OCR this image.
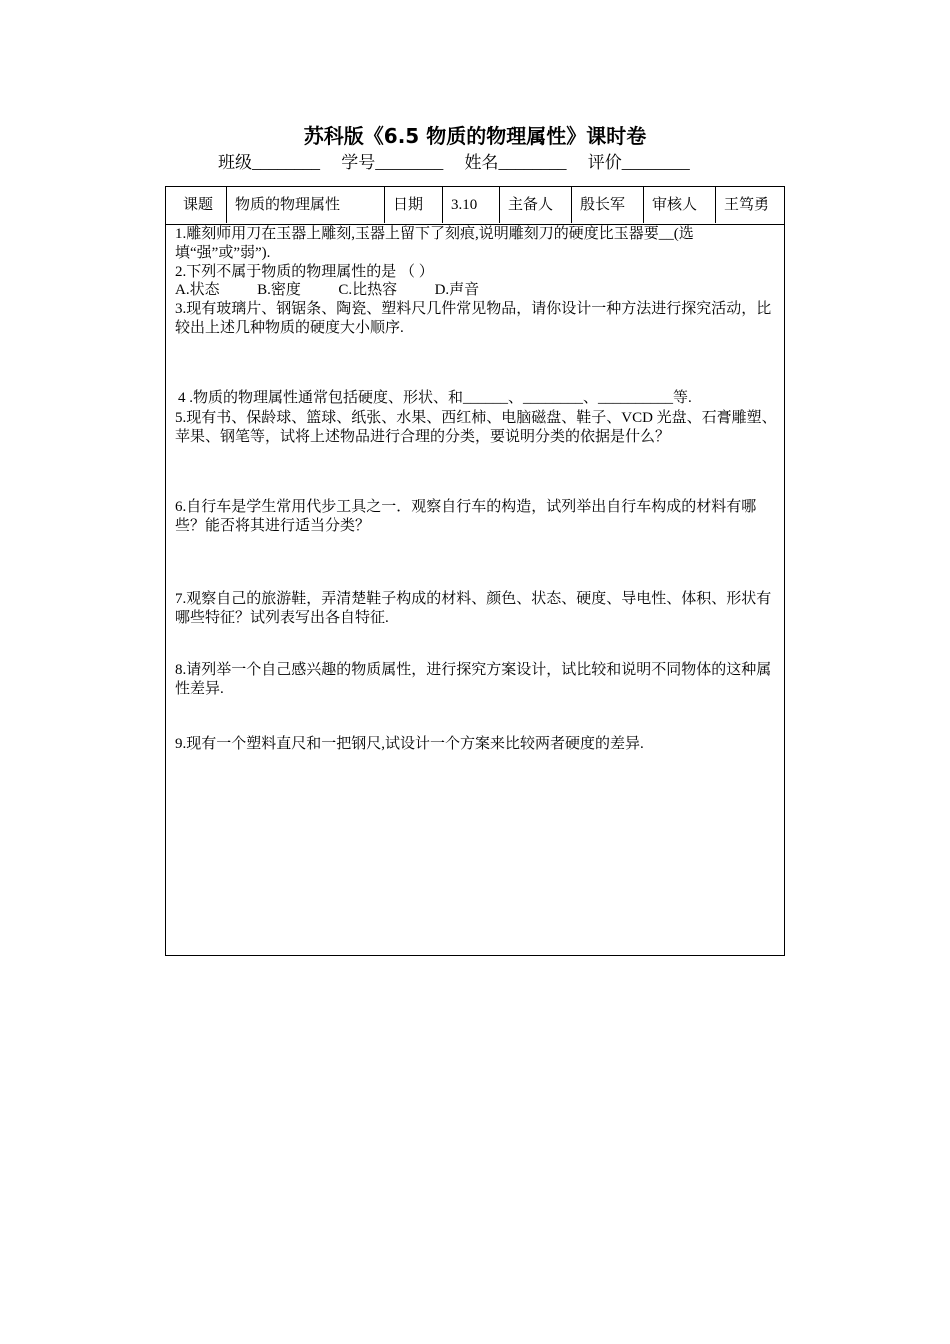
苏科版《6.5 物质的物理属性》课时卷
班级________     学号________     姓名________     评价________
课题	物质的物理属性	日期	3.10	主备人	殷长军	审核人	王笃勇
1.雕刻师用刀在玉器上雕刻,玉器上留下了刻痕,说明雕刻刀的硬度比玉器要__(选填“强”或”弱”).
2.下列不属于物质的物理属性的是 （ ）
A.状态          B.密度          C.比热容          D.声音
3.现有玻璃片、钢锯条、陶瓷、塑料尺几件常见物品，请你设计一种方法进行探究活动，比较出上述几种物质的硬度大小顺序.
4 .物质的物理属性通常包括硬度、形状、和______、________、__________等.
5.现有书、保龄球、篮球、纸张、水果、西红柿、电脑磁盘、鞋子、VCD 光盘、石膏雕塑、苹果、钢笔等，试将上述物品进行合理的分类，要说明分类的依据是什么？
6.自行车是学生常用代步工具之一．观察自行车的构造，试列举出自行车构成的材料有哪些？能否将其进行适当分类？
7.观察自己的旅游鞋，弄清楚鞋子构成的材料、颜色、状态、硬度、导电性、体积、形状有哪些特征？试列表写出各自特征.
8.请列举一个自己感兴趣的物质属性，进行探究方案设计，试比较和说明不同物体的这种属性差异.
9.现有一个塑料直尺和一把钢尺,试设计一个方案来比较两者硬度的差异.
